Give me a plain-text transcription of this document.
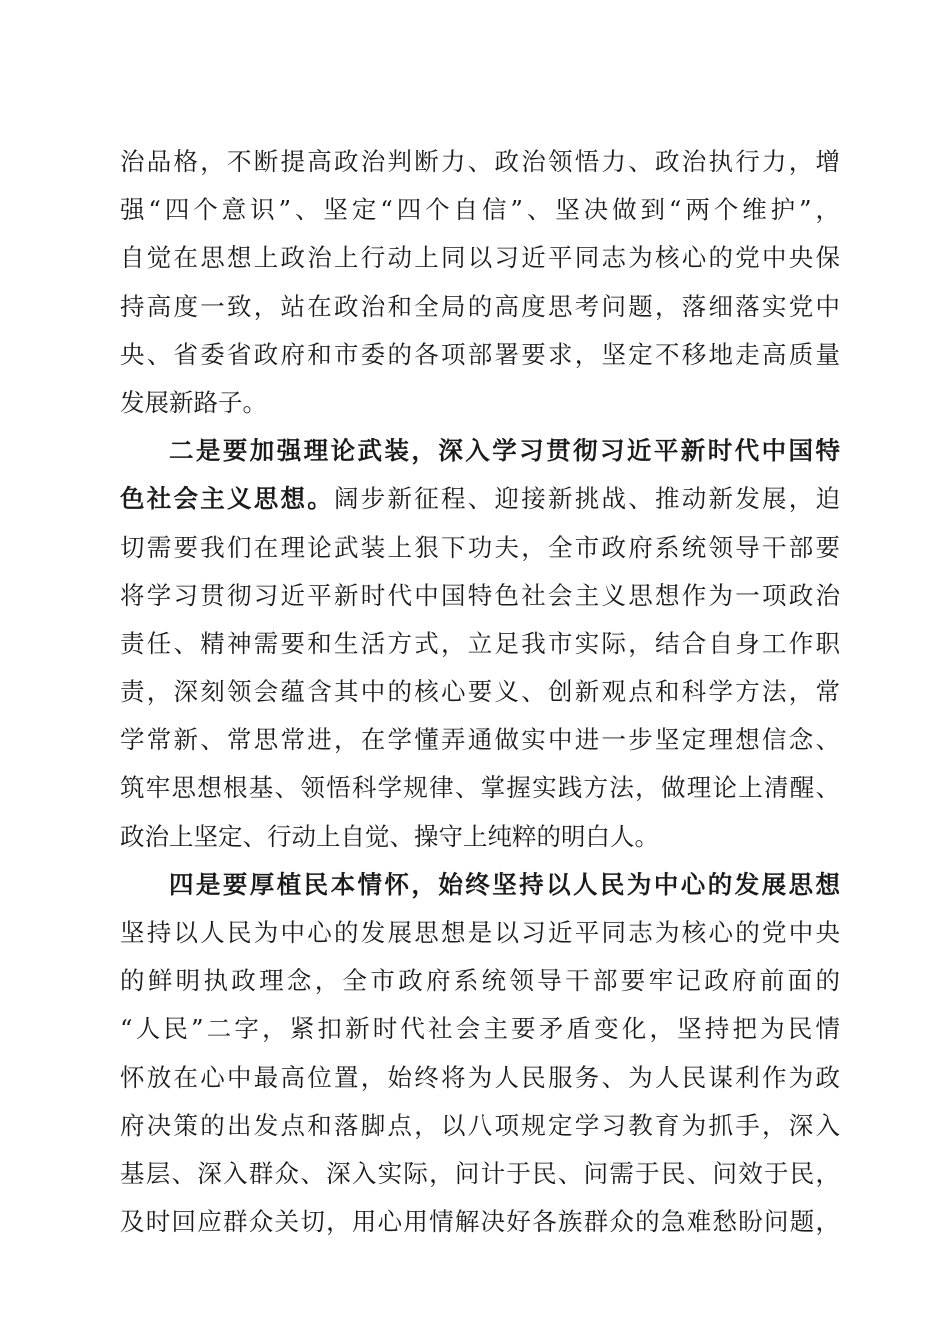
治品格，不断提高政治判断力、政治领悟力、政治执行力，增
强“四个意识”、坚定“四个自信”、坚决做到“两个维护”，
自觉在思想上政治上行动上同以习近平同志为核心的党中央保
持高度一致，站在政治和全局的高度思考问题，落细落实党中
央、省委省政府和市委的各项部署要求，坚定不移地走高质量
发展新路子。
二是要加强理论武装，深入学习贯彻习近平新时代中国特
色社会主义思想。阔步新征程、迎接新挑战、推动新发展，迫
切需要我们在理论武装上狠下功夫，全市政府系统领导干部要
将学习贯彻习近平新时代中国特色社会主义思想作为一项政治
责任、精神需要和生活方式，立足我市实际，结合自身工作职
责，深刻领会蕴含其中的核心要义、创新观点和科学方法，常
学常新、常思常进，在学懂弄通做实中进一步坚定理想信念、
筑牢思想根基、领悟科学规律、掌握实践方法，做理论上清醒、
政治上坚定、行动上自觉、操守上纯粹的明白人。
四是要厚植民本情怀，始终坚持以人民为中心的发展思想
坚持以人民为中心的发展思想是以习近平同志为核心的党中央
的鲜明执政理念，全市政府系统领导干部要牢记政府前面的
“人民”二字，紧扣新时代社会主要矛盾变化，坚持把为民情
怀放在心中最高位置，始终将为人民服务、为人民谋利作为政
府决策的出发点和落脚点，以八项规定学习教育为抓手，深入
基层、深入群众、深入实际，问计于民、问需于民、问效于民，
及时回应群众关切，用心用情解决好各族群众的急难愁盼问题，
